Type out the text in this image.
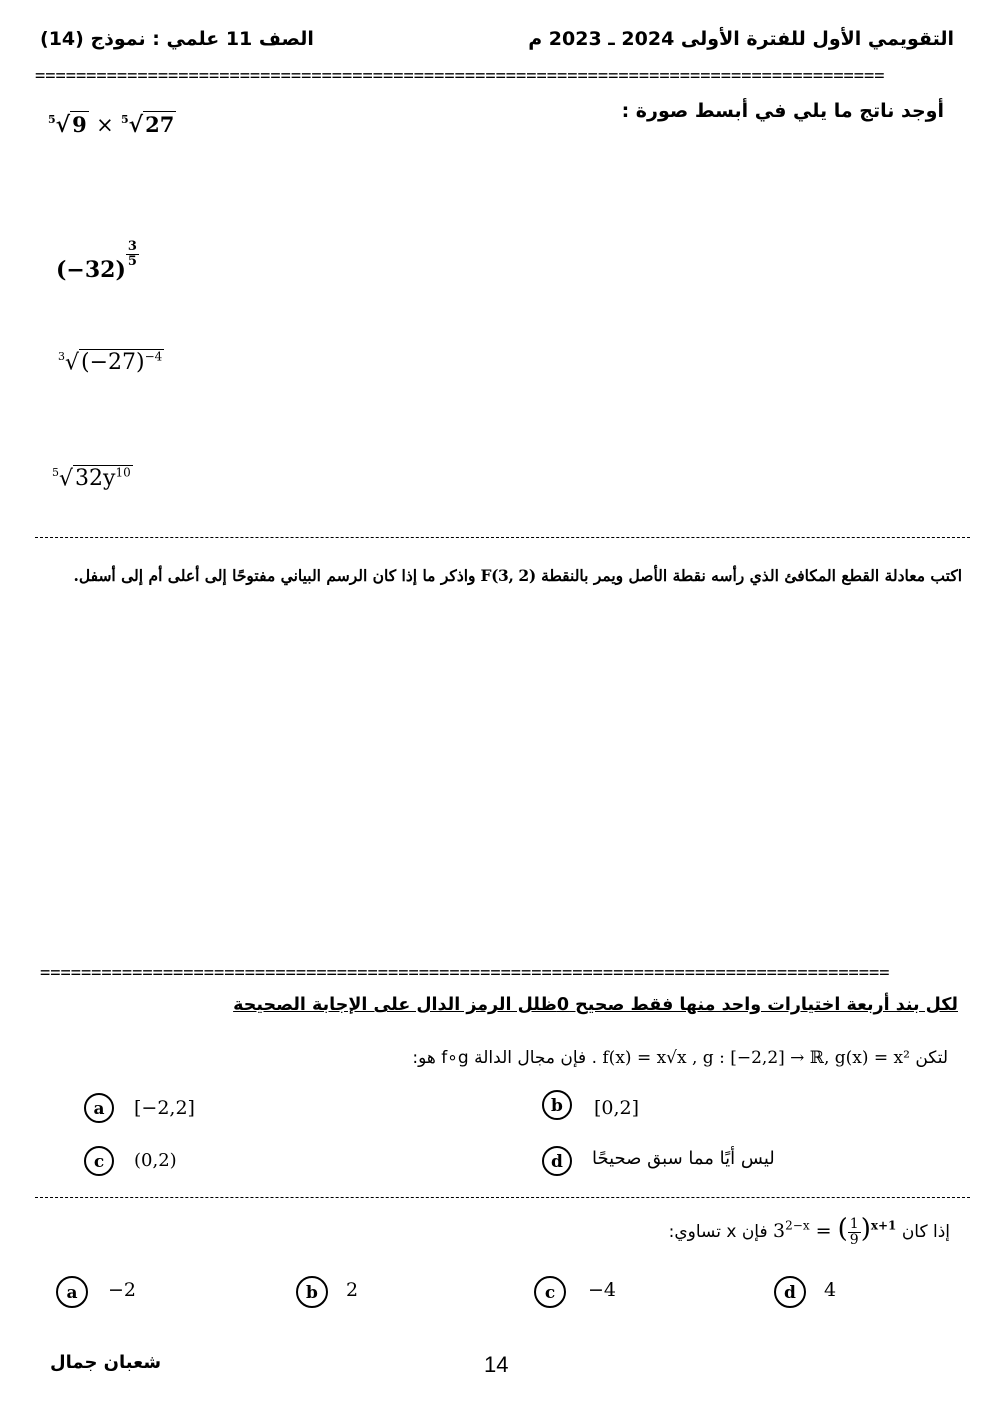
التقويمي الأول للفترة الأولى 2024 ـ 2023 م
الصف 11 علمي : نموذج (14)
===================================================================================
أوجد ناتج ما يلي في أبسط صورة :
$^5$√9 × $^5$√27
(−32)
$\frac{3}{5}$
$^3√(-27)^{-4}$
$^5√32y^{10}$
اكتب معادلة القطع المكافئ الذي رأسه نقطة الأصل ويمر بالنقطة F(3, 2) واذكر ما إذا كان الرسم البياني مفتوحًا إلى أعلى أم إلى أسفل.
===================================================================================
لكل بند أربعة اختيارات واحد منها فقط صحيح 0ظلل الرمز الدال على الإجابة الصحيحة
لتكن f(x) = x√x , g : [−2,2] → ℝ, g(x) = x² . فإن مجال الدالة f∘g هو:
a	[−2,2]	b	[0,2]
c	(0,2)	d	ليس أيًا مما سبق صحيحًا
إذا كان $3^{2-x}$ = ( $\frac{1}{9} )^{x+1}$ فإن x تساوي:
a	−2	b	2	c	−4	d	4
شعبان جمال	14
